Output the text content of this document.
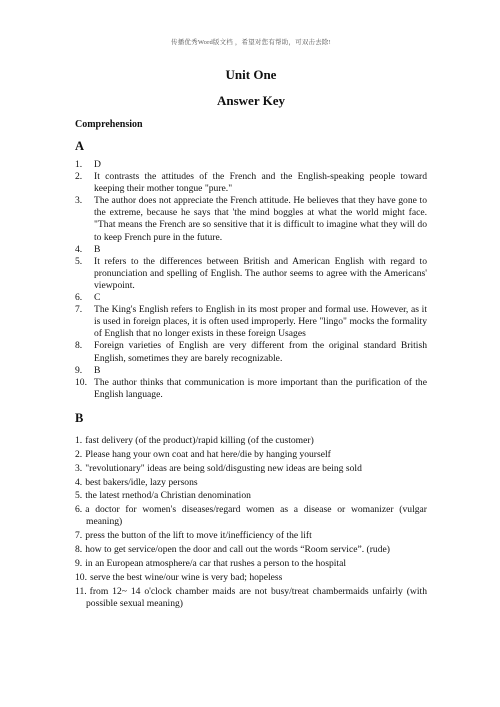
传播优秀Word版文档 ，希望对您有帮助，可双击去除!
Unit One
Answer Key
Comprehension
A
1. D
2. It contrasts the attitudes of the French and the English-speaking people toward keeping their mother tongue "pure."
3. The author does not appreciate the French attitude. He believes that they have gone to the extreme, because he says that 'the mind boggles at what the world might face. "That means the French are so sensitive that it is difficult to imagine what they will do to keep French pure in the future.
4. B
5. It refers to the differences between British and American English with regard to pronunciation and spelling of English. The author seems to agree with the Americans' viewpoint.
6. C
7. The King's English refers to English in its most proper and formal use. However, as it is used in foreign places, it is often used improperly. Here "lingo" mocks the formality of English that no longer exists in these foreign Usages
8. Foreign varieties of English are very different from the original standard British English, sometimes they are barely recognizable.
9. B
10. The author thinks that communication is more important than the purification of the English language.
B
1. fast delivery (of the product)/rapid killing (of the customer)
2. Please hang your own coat and hat here/die by hanging yourself
3. "revolutionary" ideas are being sold/disgusting new ideas are being sold
4. best bakers/idle, lazy persons
5. the latest rnethod/a Christian denomination
6. a doctor for women's diseases/regard women as a disease or womanizer (vulgar meaning)
7. press the button of the lift to move it/inefficiency of the lift
8. how to get service/open the door and call out the words “Room service”. (rude)
9. in an European atmosphere/a car that rushes a person to the hospital
10. serve the best wine/our wine is very bad; hopeless
11. from 12~ 14 o'clock chamber maids are not busy/treat chambermaids unfairly (with possible sexual meaning)
